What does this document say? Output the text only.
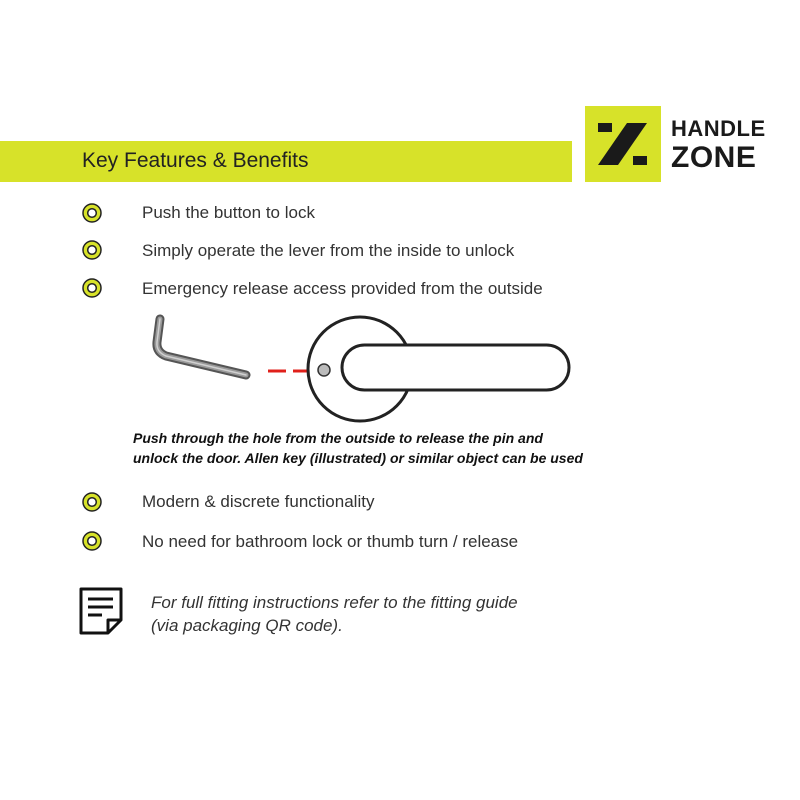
Key Features & Benefits
HANDLE
ZONE
Push the button to lock
Simply operate the lever from the inside to unlock
Emergency release access provided from the outside
Push through the hole from the outside to release the pin and
unlock the door. Allen key (illustrated) or similar object can be used
Modern & discrete functionality
No need for bathroom lock or thumb turn / release
For full fitting instructions refer to the fitting guide
(via packaging QR code).
